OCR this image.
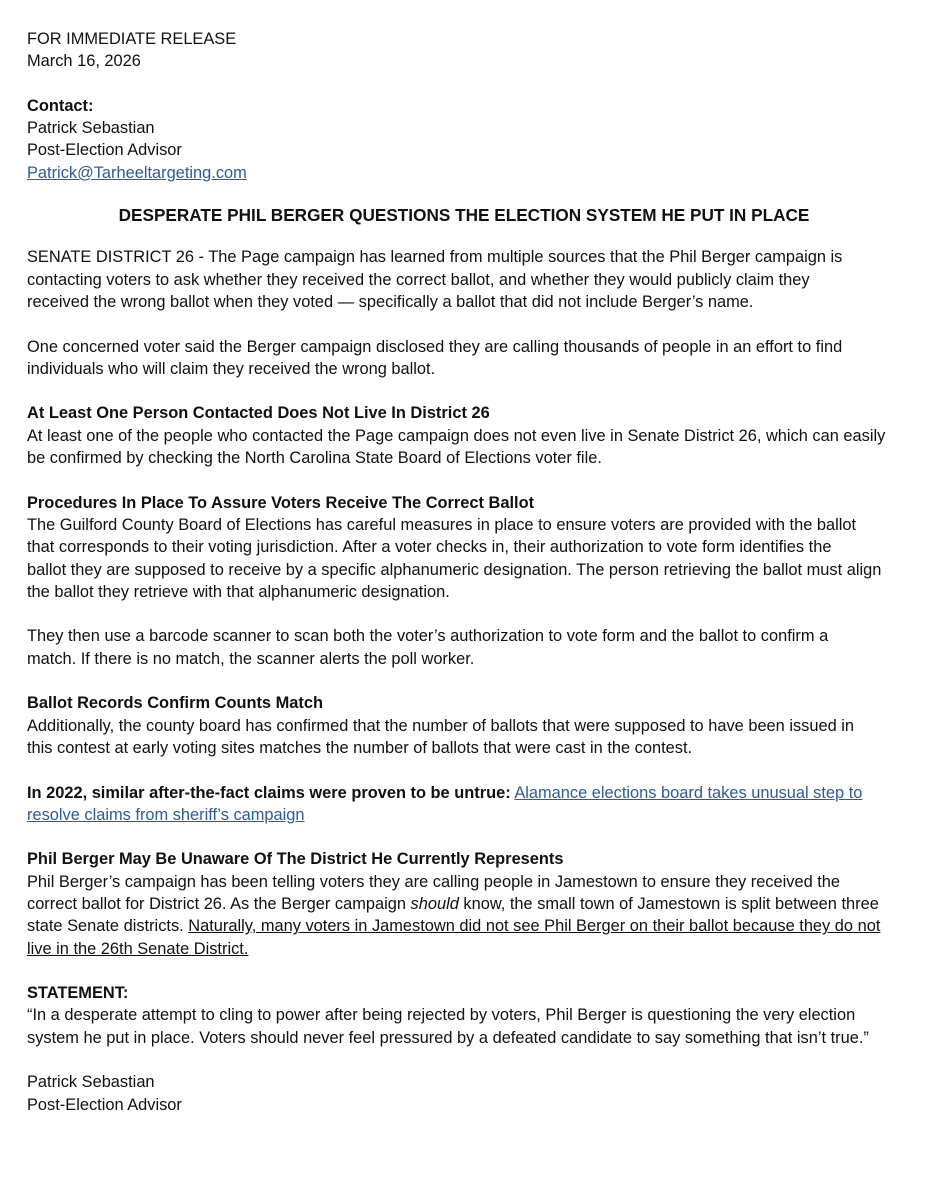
FOR IMMEDIATE RELEASE
March 16, 2026
Contact:
Patrick Sebastian
Post-Election Advisor
Patrick@Tarheeltargeting.com
DESPERATE PHIL BERGER QUESTIONS THE ELECTION SYSTEM HE PUT IN PLACE
SENATE DISTRICT 26 - The Page campaign has learned from multiple sources that the Phil Berger campaign is
contacting voters to ask whether they received the correct ballot, and whether they would publicly claim they
received the wrong ballot when they voted — specifically a ballot that did not include Berger’s name.
One concerned voter said the Berger campaign disclosed they are calling thousands of people in an effort to find
individuals who will claim they received the wrong ballot.
At Least One Person Contacted Does Not Live In District 26
At least one of the people who contacted the Page campaign does not even live in Senate District 26, which can easily
be confirmed by checking the North Carolina State Board of Elections voter file.
Procedures In Place To Assure Voters Receive The Correct Ballot
The Guilford County Board of Elections has careful measures in place to ensure voters are provided with the ballot
that corresponds to their voting jurisdiction. After a voter checks in, their authorization to vote form identifies the
ballot they are supposed to receive by a specific alphanumeric designation. The person retrieving the ballot must align
the ballot they retrieve with that alphanumeric designation.
They then use a barcode scanner to scan both the voter’s authorization to vote form and the ballot to confirm a
match. If there is no match, the scanner alerts the poll worker.
Ballot Records Confirm Counts Match
Additionally, the county board has confirmed that the number of ballots that were supposed to have been issued in
this contest at early voting sites matches the number of ballots that were cast in the contest.
In 2022, similar after-the-fact claims were proven to be untrue: Alamance elections board takes unusual step to
resolve claims from sheriff’s campaign
Phil Berger May Be Unaware Of The District He Currently Represents
Phil Berger’s campaign has been telling voters they are calling people in Jamestown to ensure they received the
correct ballot for District 26. As the Berger campaign should know, the small town of Jamestown is split between three
state Senate districts. Naturally, many voters in Jamestown did not see Phil Berger on their ballot because they do not
live in the 26th Senate District.
STATEMENT:
“In a desperate attempt to cling to power after being rejected by voters, Phil Berger is questioning the very election
system he put in place. Voters should never feel pressured by a defeated candidate to say something that isn’t true.”
Patrick Sebastian
Post-Election Advisor
